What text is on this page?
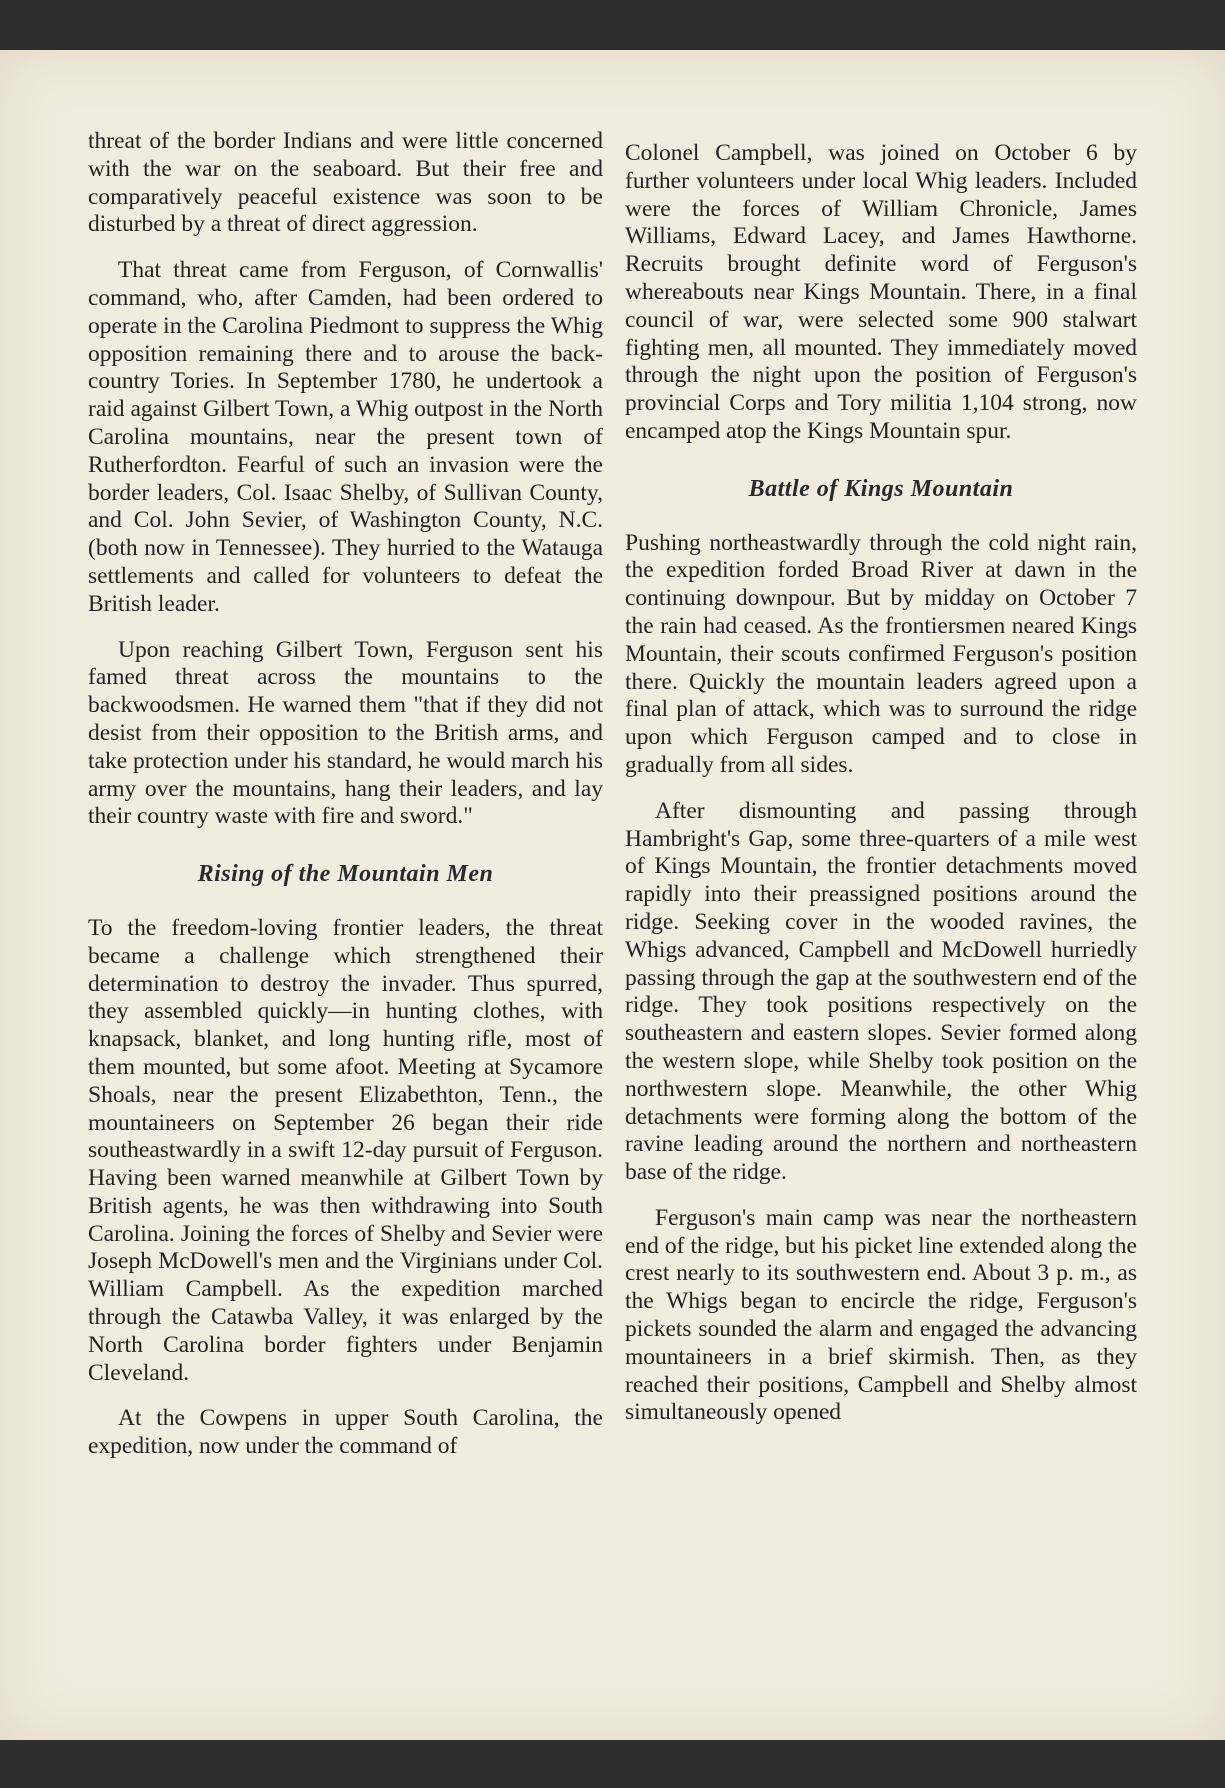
threat of the border Indians and were little concerned with the war on the seaboard. But their free and comparatively peaceful existence was soon to be disturbed by a threat of direct aggression.

That threat came from Ferguson, of Cornwallis' command, who, after Camden, had been ordered to operate in the Carolina Piedmont to suppress the Whig opposition remaining there and to arouse the back-country Tories. In September 1780, he undertook a raid against Gilbert Town, a Whig outpost in the North Carolina mountains, near the present town of Rutherfordton. Fearful of such an invasion were the border leaders, Col. Isaac Shelby, of Sullivan County, and Col. John Sevier, of Washington County, N.C. (both now in Tennessee). They hurried to the Watauga settlements and called for volunteers to defeat the British leader.

Upon reaching Gilbert Town, Ferguson sent his famed threat across the mountains to the backwoodsmen. He warned them "that if they did not desist from their opposition to the British arms, and take protection under his standard, he would march his army over the mountains, hang their leaders, and lay their country waste with fire and sword."

Rising of the Mountain Men

To the freedom-loving frontier leaders, the threat became a challenge which strengthened their determination to destroy the invader. Thus spurred, they assembled quickly—in hunting clothes, with knapsack, blanket, and long hunting rifle, most of them mounted, but some afoot. Meeting at Sycamore Shoals, near the present Elizabethton, Tenn., the mountaineers on September 26 began their ride southeastwardly in a swift 12-day pursuit of Ferguson. Having been warned meanwhile at Gilbert Town by British agents, he was then withdrawing into South Carolina. Joining the forces of Shelby and Sevier were Joseph McDowell's men and the Virginians under Col. William Campbell. As the expedition marched through the Catawba Valley, it was enlarged by the North Carolina border fighters under Benjamin Cleveland.

At the Cowpens in upper South Carolina, the expedition, now under the command of

Colonel Campbell, was joined on October 6 by further volunteers under local Whig leaders. Included were the forces of William Chronicle, James Williams, Edward Lacey, and James Hawthorne. Recruits brought definite word of Ferguson's whereabouts near Kings Mountain. There, in a final council of war, were selected some 900 stalwart fighting men, all mounted. They immediately moved through the night upon the position of Ferguson's provincial Corps and Tory militia 1,104 strong, now encamped atop the Kings Mountain spur.

Battle of Kings Mountain

Pushing northeastwardly through the cold night rain, the expedition forded Broad River at dawn in the continuing downpour. But by midday on October 7 the rain had ceased. As the frontiersmen neared Kings Mountain, their scouts confirmed Ferguson's position there. Quickly the mountain leaders agreed upon a final plan of attack, which was to surround the ridge upon which Ferguson camped and to close in gradually from all sides.

After dismounting and passing through Hambright's Gap, some three-quarters of a mile west of Kings Mountain, the frontier detachments moved rapidly into their preassigned positions around the ridge. Seeking cover in the wooded ravines, the Whigs advanced, Campbell and McDowell hurriedly passing through the gap at the southwestern end of the ridge. They took positions respectively on the southeastern and eastern slopes. Sevier formed along the western slope, while Shelby took position on the northwestern slope. Meanwhile, the other Whig detachments were forming along the bottom of the ravine leading around the northern and northeastern base of the ridge.

Ferguson's main camp was near the northeastern end of the ridge, but his picket line extended along the crest nearly to its southwestern end. About 3 p. m., as the Whigs began to encircle the ridge, Ferguson's pickets sounded the alarm and engaged the advancing mountaineers in a brief skirmish. Then, as they reached their positions, Campbell and Shelby almost simultaneously opened
